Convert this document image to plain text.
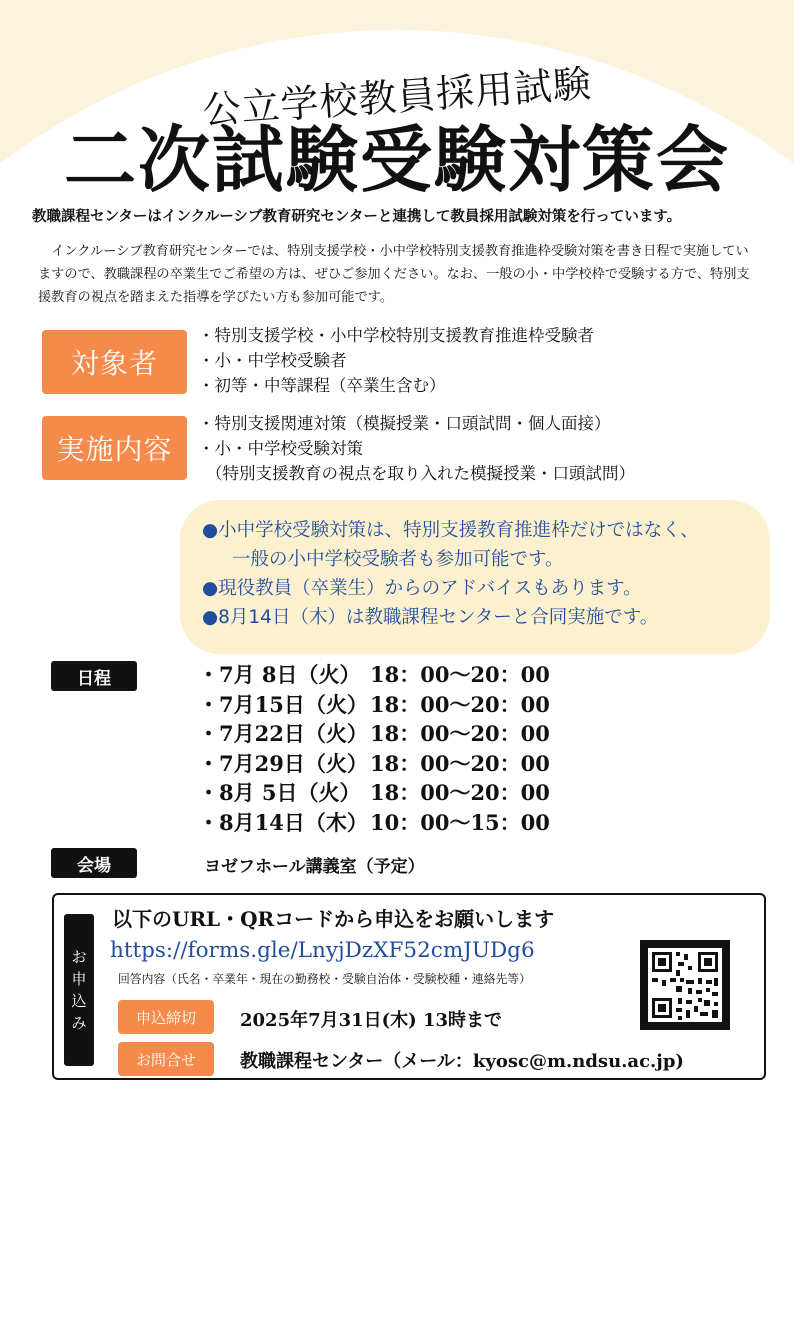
公立学校教員採用試験
二次試験受験対策会
教職課程センターはインクルーシブ教育研究センターと連携して教員採用試験対策を行っています。
インクルーシブ教育研究センターでは、特別支援学校・小中学校特別支援教育推進枠受験対策を書き日程で実施していますので、教職課程の卒業生でご希望の方は、ぜひご参加ください。なお、一般の小・中学校枠で受験する方で、特別支援教育の視点を踏まえた指導を学びたい方も参加可能です。
対象者
・特別支援学校・小中学校特別支援教育推進枠受験者
・小・中学校受験者
・初等・中等課程（卒業生含む）
実施内容
・特別支援関連対策（模擬授業・口頭試問・個人面接）
・小・中学校受験対策
（特別支援教育の視点を取り入れた模擬授業・口頭試問）
●小中学校受験対策は、特別支援教育推進枠だけではなく、
一般の小中学校受験者も参加可能です。
●現役教員（卒業生）からのアドバイスもあります。
●8月14日（木）は教職課程センターと合同実施です。
日程	・7月 8日（火） 18：00〜20：00
・7月15日（火） 18：00〜20：00
・7月22日（火） 18：00〜20：00
・7月29日（火） 18：00〜20：00
・8月 5日（火） 18：00〜20：00
・8月14日（木） 10：00〜15：00
会場	ヨゼフホール講義室（予定）
お
申
込
み
以下のURL・QRコードから申込をお願いします
https://forms.gle/LnyjDzXF52cmJUDg6
回答内容（氏名・卒業年・現在の勤務校・受験自治体・受験校種・連絡先等）
申込締切	2025年7月31日(木) 13時まで
お問合せ	教職課程センター（メール：kyosc@m.ndsu.ac.jp)
